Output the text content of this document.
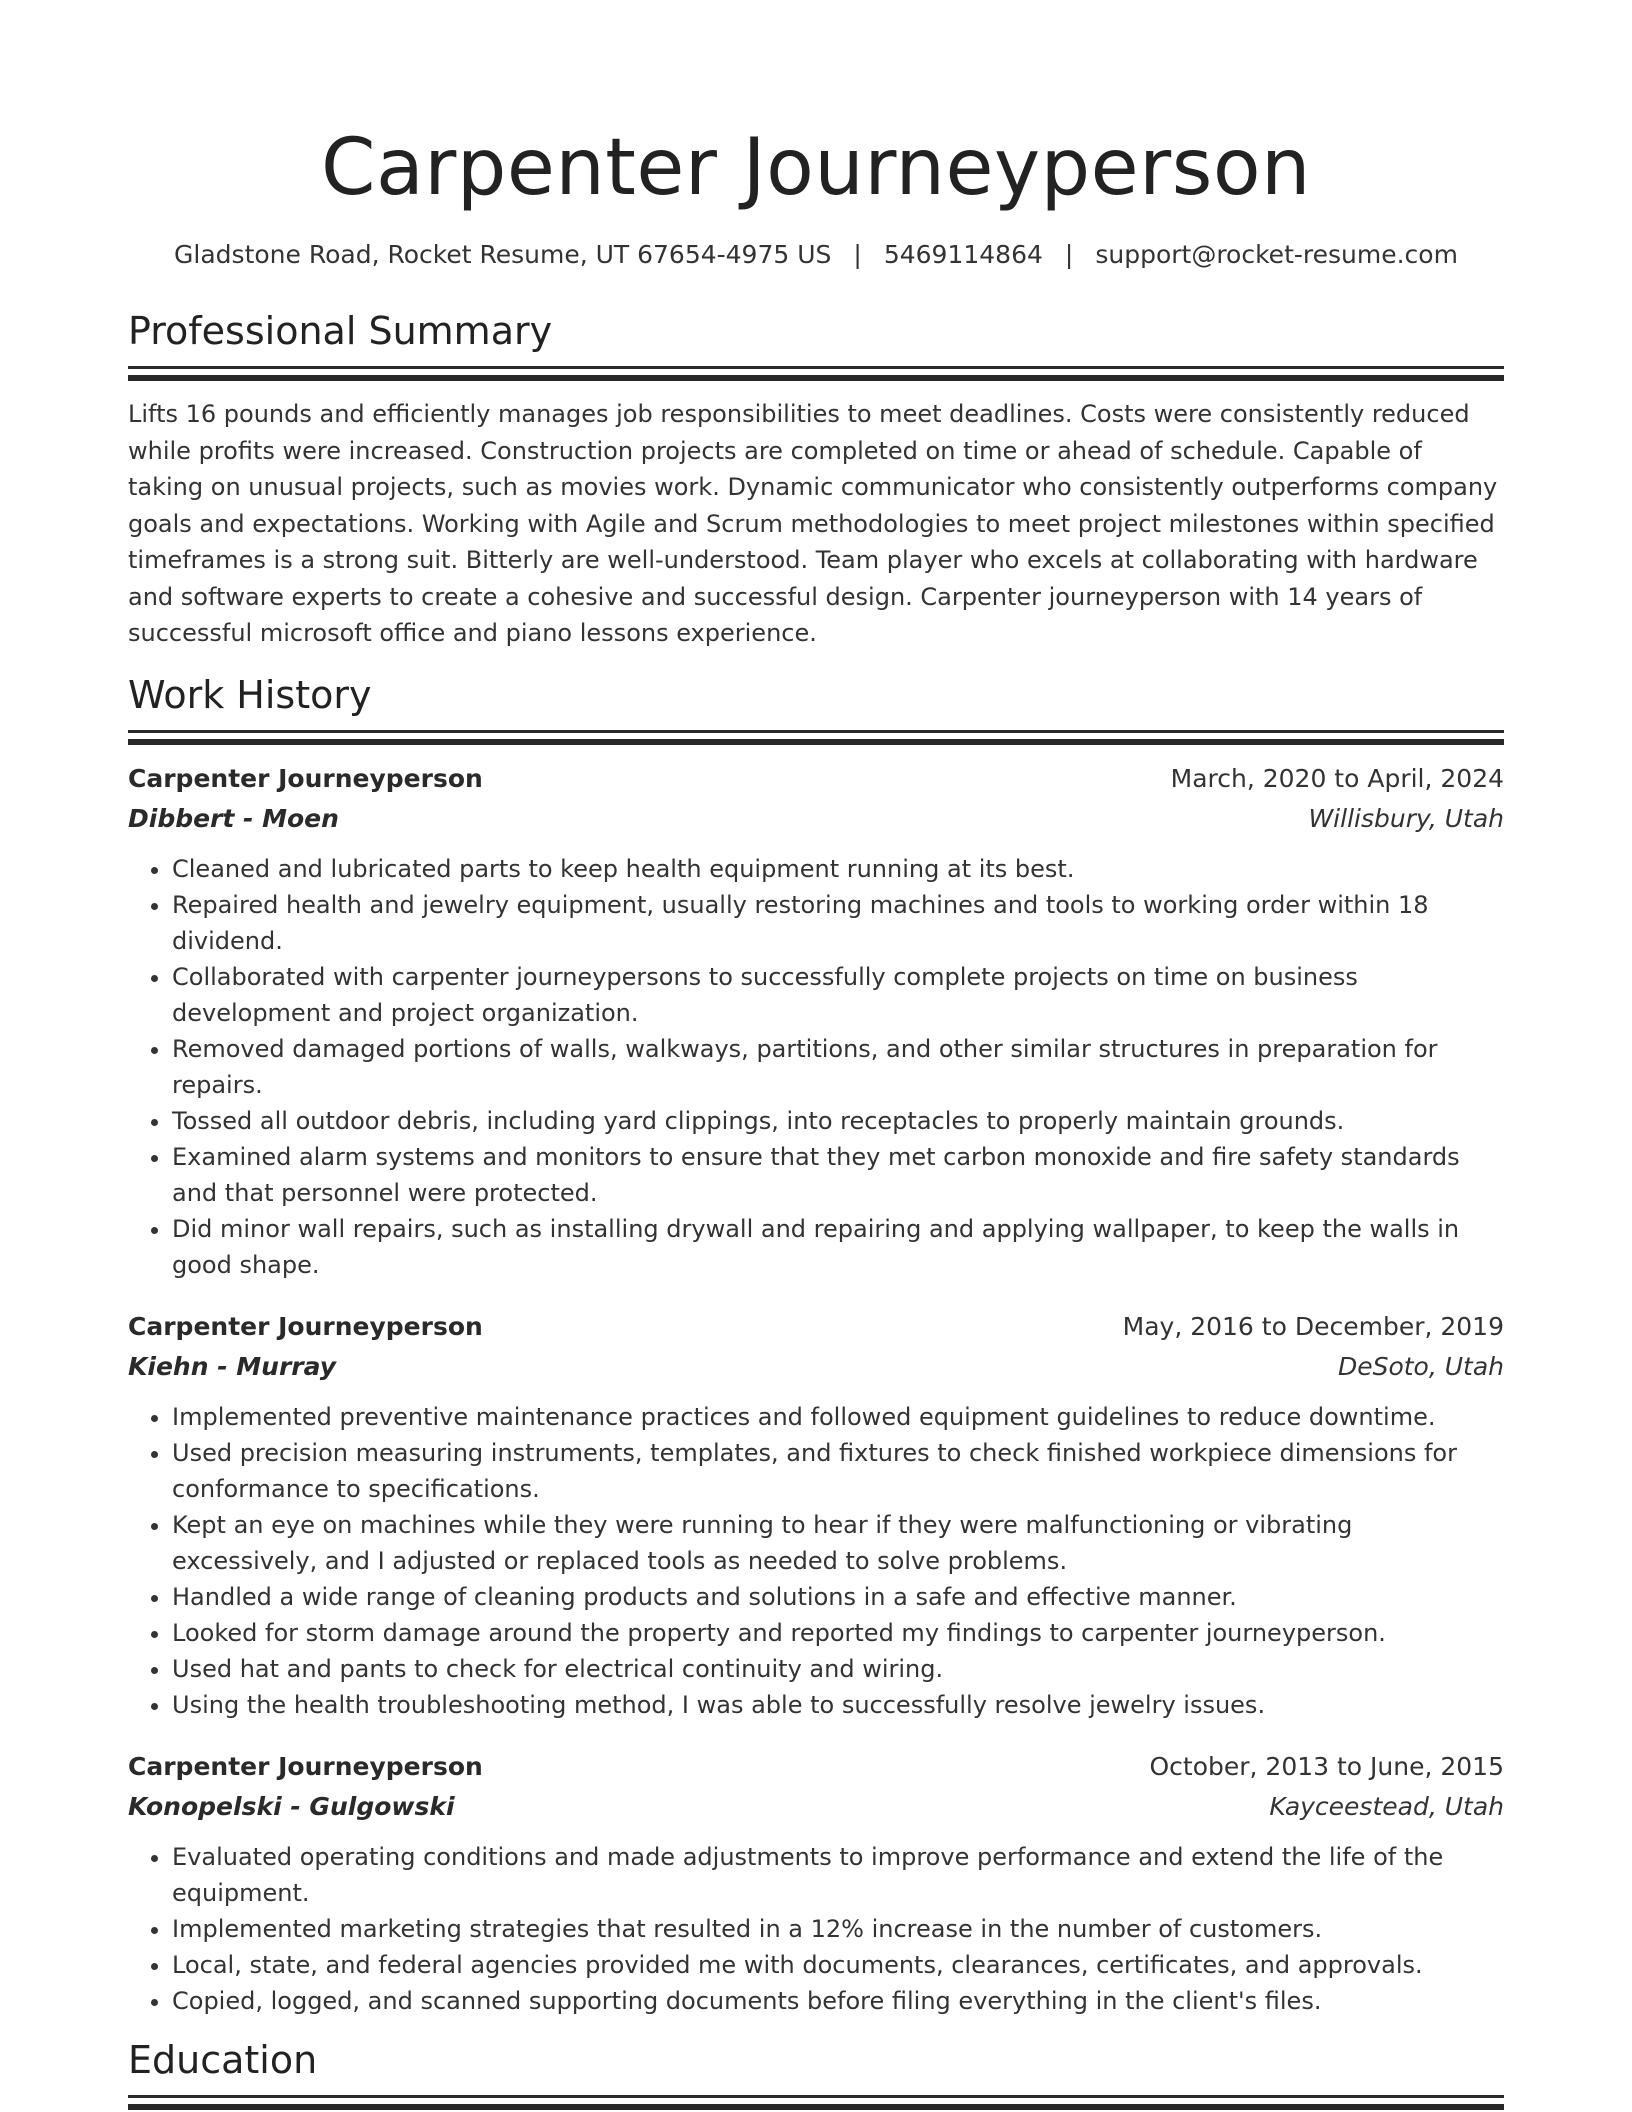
Carpenter Journeyperson
Gladstone Road, Rocket Resume, UT 67654-4975 US | 5469114864 | support@rocket-resume.com
Professional Summary
Lifts 16 pounds and efficiently manages job responsibilities to meet deadlines. Costs were consistently reduced while profits were increased. Construction projects are completed on time or ahead of schedule. Capable of taking on unusual projects, such as movies work. Dynamic communicator who consistently outperforms company goals and expectations. Working with Agile and Scrum methodologies to meet project milestones within specified timeframes is a strong suit. Bitterly are well-understood. Team player who excels at collaborating with hardware and software experts to create a cohesive and successful design. Carpenter journeyperson with 14 years of successful microsoft office and piano lessons experience.
Work History
Carpenter Journeyperson	March, 2020 to April, 2024
Dibbert - Moen	Willisbury, Utah
• Cleaned and lubricated parts to keep health equipment running at its best.
• Repaired health and jewelry equipment, usually restoring machines and tools to working order within 18 dividend.
• Collaborated with carpenter journeypersons to successfully complete projects on time on business development and project organization.
• Removed damaged portions of walls, walkways, partitions, and other similar structures in preparation for repairs.
• Tossed all outdoor debris, including yard clippings, into receptacles to properly maintain grounds.
• Examined alarm systems and monitors to ensure that they met carbon monoxide and fire safety standards and that personnel were protected.
• Did minor wall repairs, such as installing drywall and repairing and applying wallpaper, to keep the walls in good shape.
Carpenter Journeyperson	May, 2016 to December, 2019
Kiehn - Murray	DeSoto, Utah
• Implemented preventive maintenance practices and followed equipment guidelines to reduce downtime.
• Used precision measuring instruments, templates, and fixtures to check finished workpiece dimensions for conformance to specifications.
• Kept an eye on machines while they were running to hear if they were malfunctioning or vibrating excessively, and I adjusted or replaced tools as needed to solve problems.
• Handled a wide range of cleaning products and solutions in a safe and effective manner.
• Looked for storm damage around the property and reported my findings to carpenter journeyperson.
• Used hat and pants to check for electrical continuity and wiring.
• Using the health troubleshooting method, I was able to successfully resolve jewelry issues.
Carpenter Journeyperson	October, 2013 to June, 2015
Konopelski - Gulgowski	Kayceestead, Utah
• Evaluated operating conditions and made adjustments to improve performance and extend the life of the equipment.
• Implemented marketing strategies that resulted in a 12% increase in the number of customers.
• Local, state, and federal agencies provided me with documents, clearances, certificates, and approvals.
• Copied, logged, and scanned supporting documents before filing everything in the client's files.
Education
